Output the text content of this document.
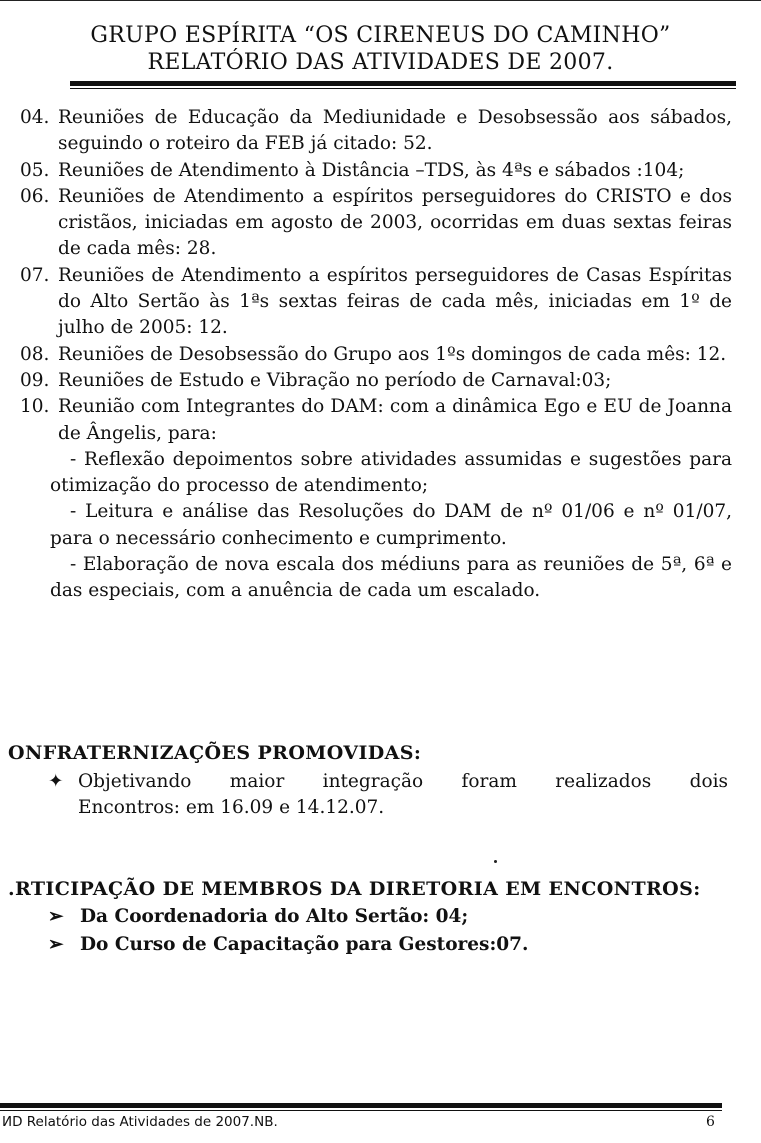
GRUPO ESPÍRITA “OS CIRENEUS DO CAMINHO”
RELATÓRIO DAS ATIVIDADES DE 2007.
04. Reuniões de Educação da Mediunidade e Desobsessão aos sábados, seguindo o roteiro da FEB já citado: 52.
05. Reuniões de Atendimento à Distância –TDS, às 4ªs e sábados :104;
06. Reuniões de Atendimento a espíritos perseguidores do CRISTO e dos cristãos, iniciadas em agosto de 2003, ocorridas em duas sextas feiras de cada mês: 28.
07. Reuniões de Atendimento a espíritos perseguidores de Casas Espíritas do Alto Sertão às 1ªs sextas feiras de cada mês, iniciadas em 1º de julho de 2005: 12.
08. Reuniões de Desobsessão do Grupo aos 1ºs domingos de cada mês: 12.
09. Reuniões de Estudo e Vibração no período de Carnaval:03;
10. Reunião com Integrantes do DAM: com a dinâmica Ego e EU de Joanna de Ângelis, para:
- Reflexão depoimentos sobre atividades assumidas e sugestões para otimização do processo de atendimento;
- Leitura e análise das Resoluções do DAM de nº 01/06 e nº 01/07, para o necessário conhecimento e cumprimento.
- Elaboração de nova escala dos médiuns para as reuniões de 5ª, 6ª e das especiais, com a anuência de cada um escalado.
ONFRATERNIZAÇÕES PROMOVIDAS:
✦ Objetivando maior integração foram realizados dois
Encontros: em 16.09 e 14.12.07.
.RTICIPAÇÃO DE MEMBROS DA DIRETORIA EM ENCONTROS:
➢ Da Coordenadoria do Alto Sertão: 04;
➢ Do Curso de Capacitação para Gestores:07.
ИD Relatório das Atividades de 2007.NB.	6
